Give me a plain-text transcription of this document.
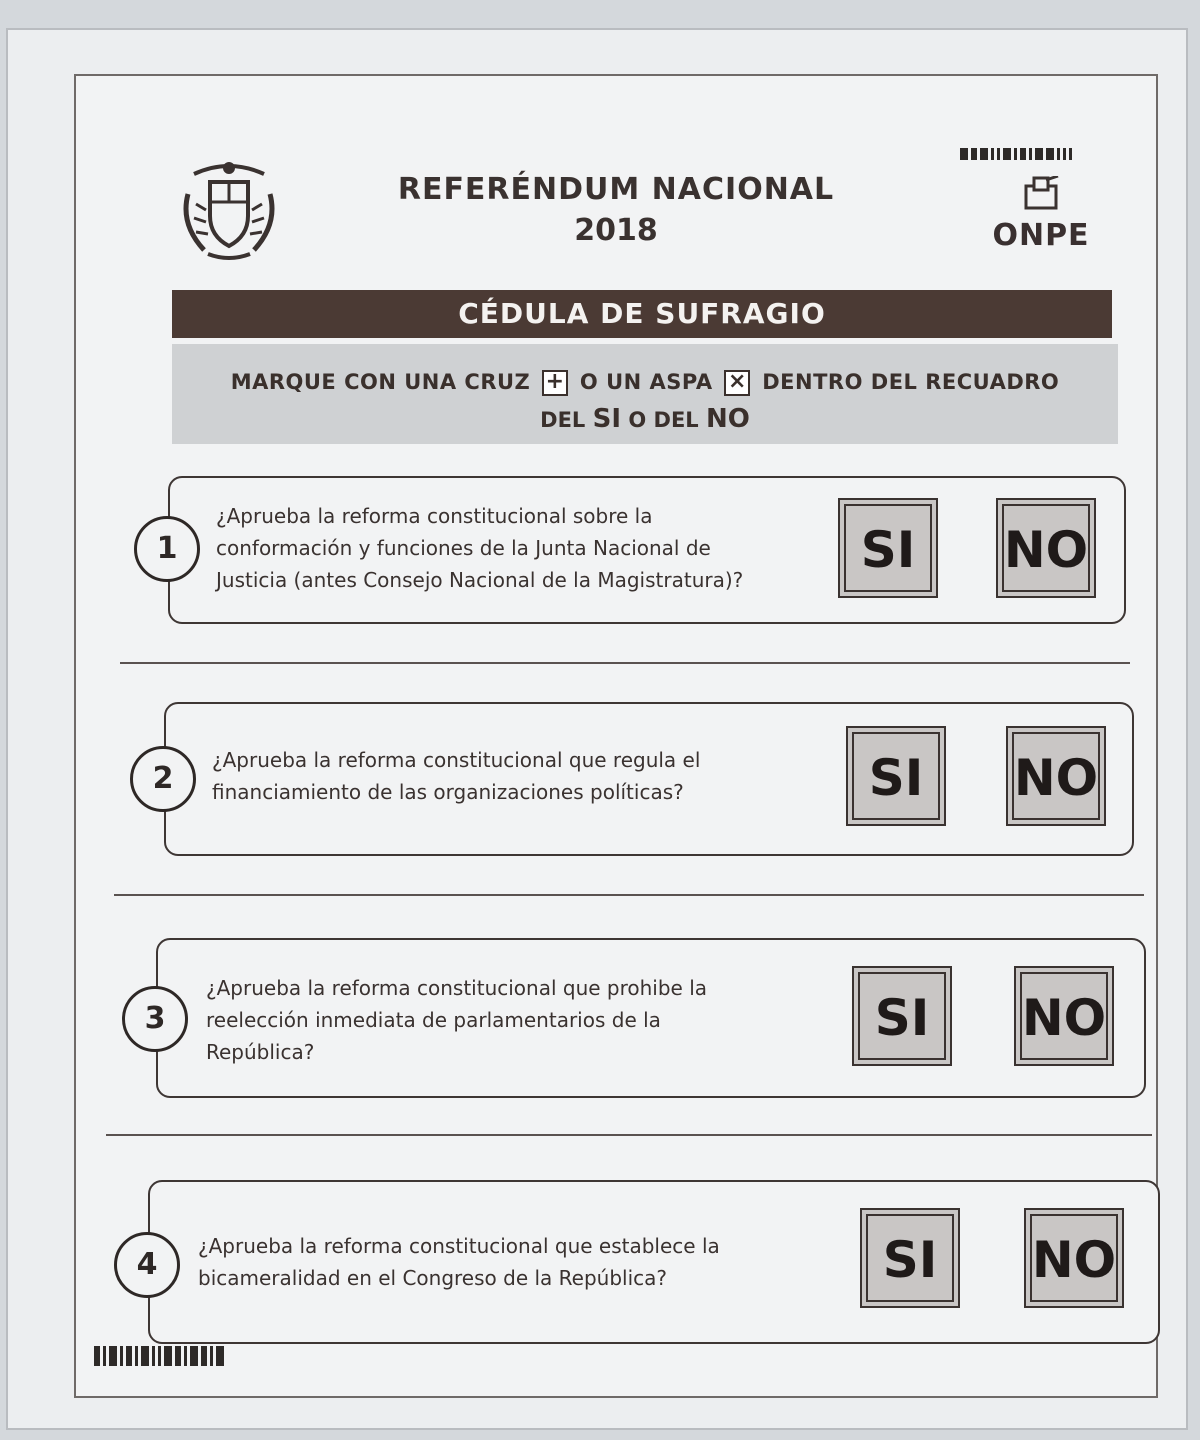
REFERÉNDUM NACIONAL
2018	ONPE
CÉDULA DE SUFRAGIO
MARQUE CON UNA CRUZ + O UN ASPA × DENTRO DEL RECUADRO
DEL SI O DEL NO
1
¿Aprueba la reforma constitucional sobre la
conformación y funciones de la Junta Nacional de
Justicia (antes Consejo Nacional de la Magistratura)?
SI	NO
2
¿Aprueba la reforma constitucional que regula el
financiamiento de las organizaciones políticas?	SI	NO
3
¿Aprueba la reforma constitucional que prohibe la
reelección inmediata de parlamentarios de la
República?
SI	NO
4
¿Aprueba la reforma constitucional que establece la
bicameralidad en el Congreso de la República?	SI	NO
